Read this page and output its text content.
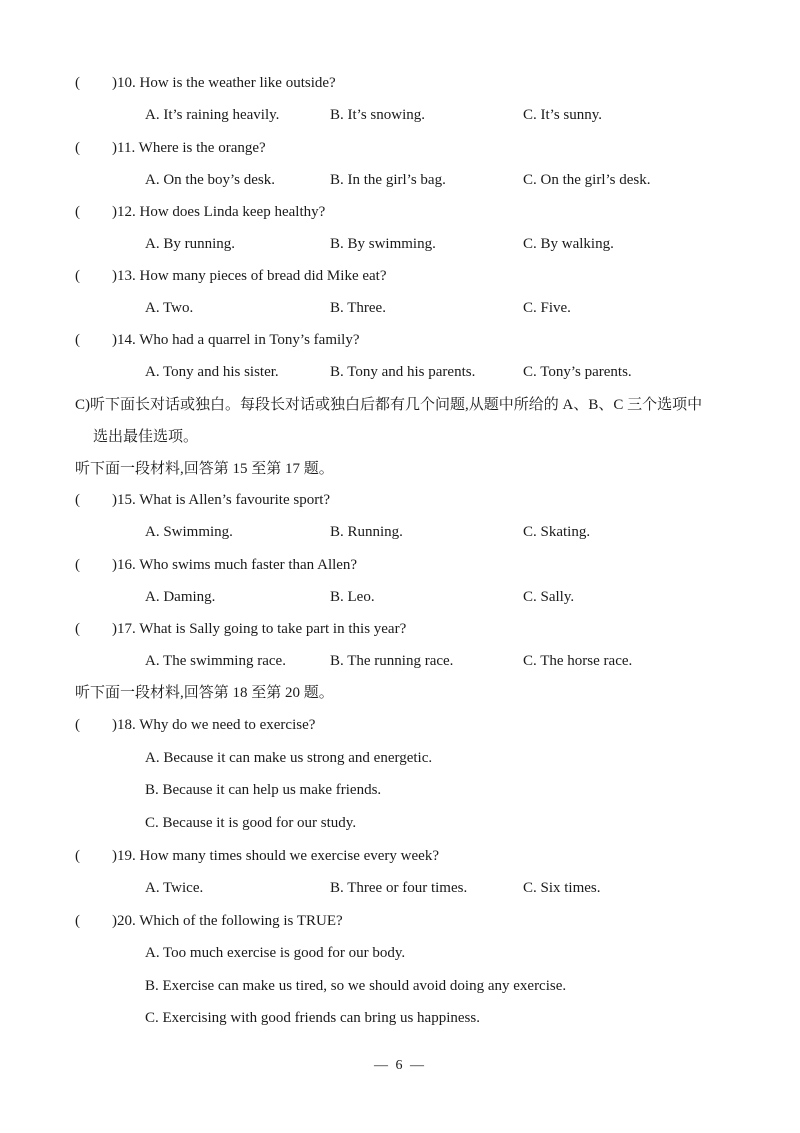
( )10. How is the weather like outside?
A. It’s raining heavily.	B. It’s snowing.	C. It’s sunny.
( )11. Where is the orange?
A. On the boy’s desk.	B. In the girl’s bag.	C. On the girl’s desk.
( )12. How does Linda keep healthy?
A. By running.	B. By swimming.	C. By walking.
( )13. How many pieces of bread did Mike eat?
A. Two.	B. Three.	C. Five.
( )14. Who had a quarrel in Tony’s family?
A. Tony and his sister.	B. Tony and his parents.	C. Tony’s parents.
C)听下面长对话或独白。每段长对话或独白后都有几个问题,从题中所给的 A、B、C 三个选项中
选出最佳选项。
听下面一段材料,回答第 15 至第 17 题。
( )15. What is Allen’s favourite sport?
A. Swimming.	B. Running.	C. Skating.
( )16. Who swims much faster than Allen?
A. Daming.	B. Leo.	C. Sally.
( )17. What is Sally going to take part in this year?
A. The swimming race.	B. The running race.	C. The horse race.
听下面一段材料,回答第 18 至第 20 题。
( )18. Why do we need to exercise?
A. Because it can make us strong and energetic.
B. Because it can help us make friends.
C. Because it is good for our study.
( )19. How many times should we exercise every week?
A. Twice.	B. Three or four times.	C. Six times.
( )20. Which of the following is TRUE?
A. Too much exercise is good for our body.
B. Exercise can make us tired, so we should avoid doing any exercise.
C. Exercising with good friends can bring us happiness.
— 6 —
